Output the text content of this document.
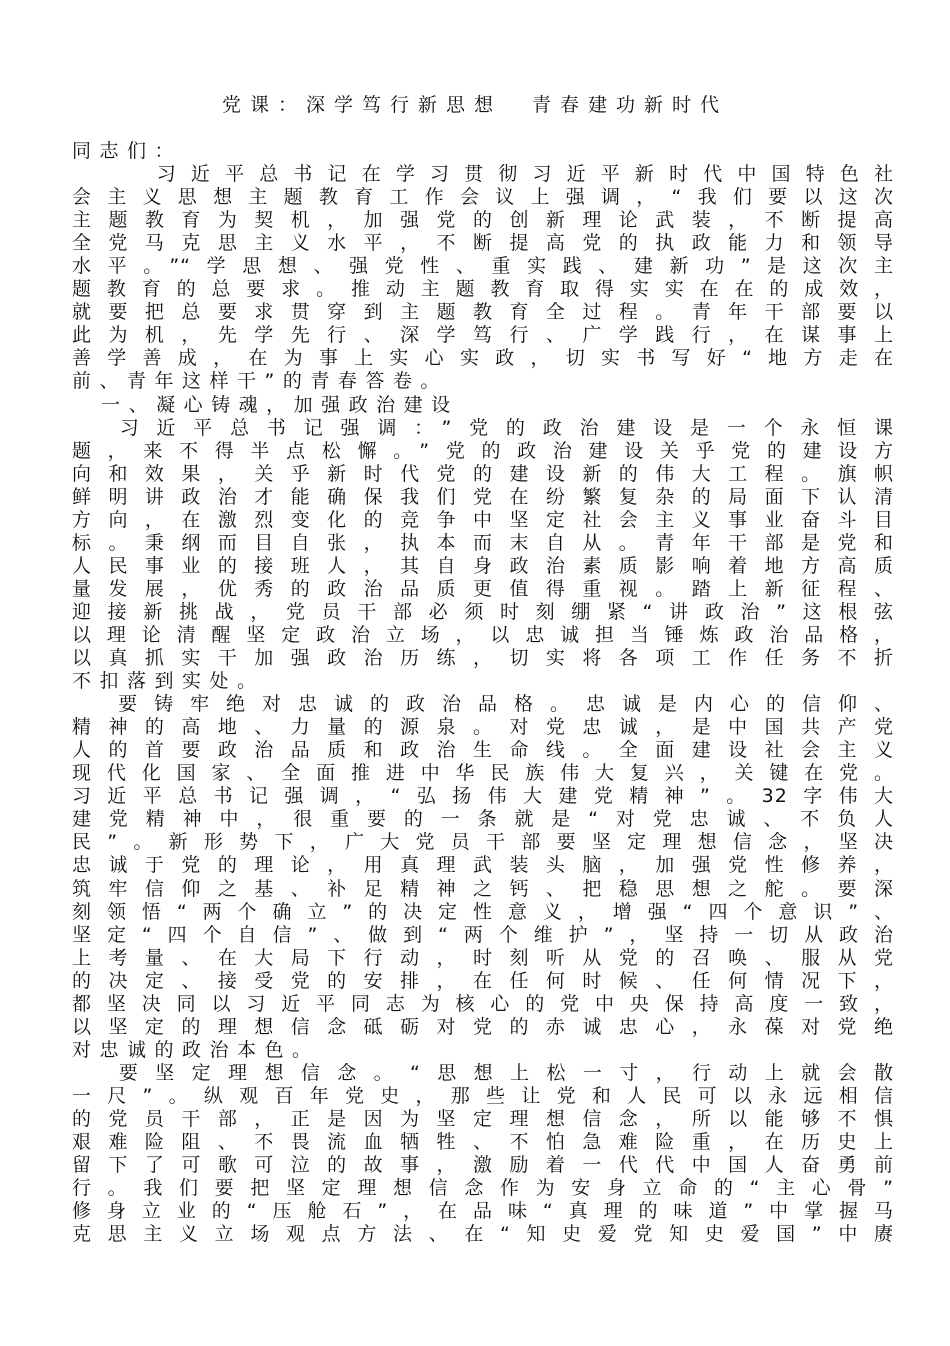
党课：深学笃行新思想  青春建功新时代
同志们：
习近平总书记在学习贯彻习近平新时代中国特色社
会主义思想主题教育工作会议上强调，“我们要以这次
主题教育为契机，加强党的创新理论武装，不断提高
全党马克思主义水平，不断提高党的执政能力和领导
水平。”“学思想、强党性、重实践、建新功”是这次主
题教育的总要求。推动主题教育取得实实在在的成效，
就要把总要求贯穿到主题教育全过程。青年干部要以
此为机，先学先行、深学笃行、广学践行，在谋事上
善学善成，在为事上实心实政，切实书写好“地方走在
前、青年这样干”的青春答卷。
一、凝心铸魂，加强政治建设
习近平总书记强调：”党的政治建设是一个永恒课
题，来不得半点松懈。”党的政治建设关乎党的建设方
向和效果，关乎新时代党的建设新的伟大工程。旗帜
鲜明讲政治才能确保我们党在纷繁复杂的局面下认清
方向，在激烈变化的竞争中坚定社会主义事业奋斗目
标。秉纲而目自张，执本而末自从。青年干部是党和
人民事业的接班人，其自身政治素质影响着地方高质
量发展，优秀的政治品质更值得重视。踏上新征程、
迎接新挑战，党员干部必须时刻绷紧“讲政治”这根弦
以理论清醒坚定政治立场，以忠诚担当锤炼政治品格，
以真抓实干加强政治历练，切实将各项工作任务不折
不扣落到实处。
要铸牢绝对忠诚的政治品格。忠诚是内心的信仰、
精神的高地、力量的源泉。对党忠诚，是中国共产党
人的首要政治品质和政治生命线。全面建设社会主义
现代化国家、全面推进中华民族伟大复兴，关键在党。
习近平总书记强调，“弘扬伟大建党精神”。32字伟大
建党精神中，很重要的一条就是“对党忠诚、不负人
民”。新形势下，广大党员干部要坚定理想信念，坚决
忠诚于党的理论，用真理武装头脑，加强党性修养，
筑牢信仰之基、补足精神之钙、把稳思想之舵。要深
刻领悟“两个确立”的决定性意义，增强“四个意识”、
坚定“四个自信”、做到“两个维护”，坚持一切从政治
上考量、在大局下行动，时刻听从党的召唤、服从党
的决定、接受党的安排，在任何时候、任何情况下，
都坚决同以习近平同志为核心的党中央保持高度一致，
以坚定的理想信念砥砺对党的赤诚忠心，永葆对党绝
对忠诚的政治本色。
要坚定理想信念。“思想上松一寸，行动上就会散
一尺”。纵观百年党史，那些让党和人民可以永远相信
的党员干部，正是因为坚定理想信念，所以能够不惧
艰难险阻、不畏流血牺牲、不怕急难险重，在历史上
留下了可歌可泣的故事，激励着一代代中国人奋勇前
行。我们要把坚定理想信念作为安身立命的“主心骨”
修身立业的“压舱石”，在品味“真理的味道”中掌握马
克思主义立场观点方法、在“知史爱党知史爱国”中赓
